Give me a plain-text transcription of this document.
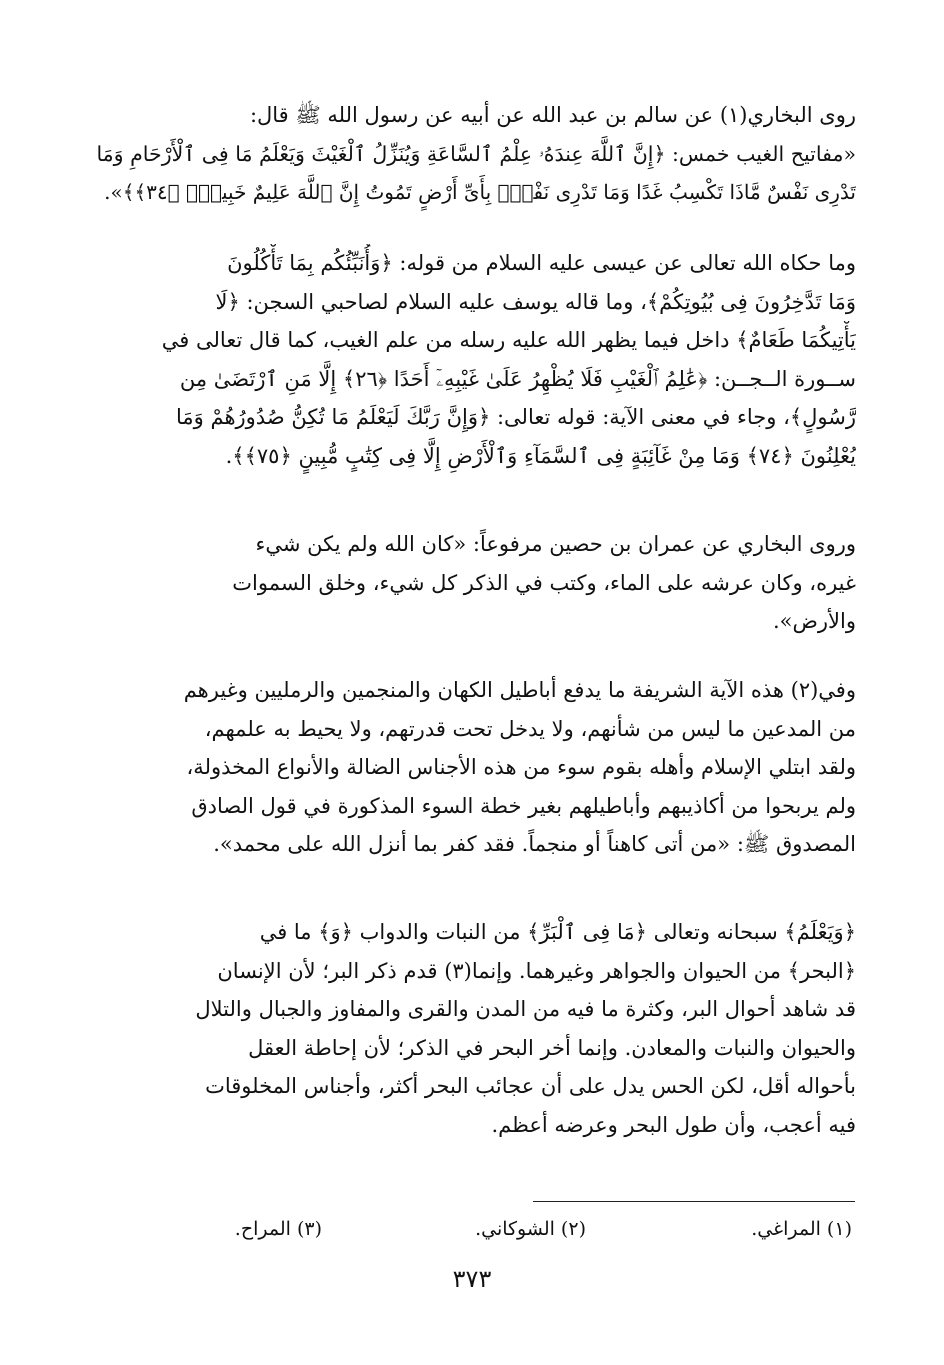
روى البخاري(١) عن سالم بن عبد الله عن أبيه عن رسول الله ﷺ قال:
«مفاتيح الغيب خمس: ﴿إِنَّ ٱللَّهَ عِندَهُۥ عِلْمُ ٱلسَّاعَةِ وَيُنَزِّلُ ٱلْغَيْثَ وَيَعْلَمُ مَا فِى ٱلْأَرْحَامِ وَمَا
تَدْرِى نَفْسٌ مَّاذَا تَكْسِبُ غَدًا وَمَا تَدْرِى نَفْسٌۢ بِأَىِّ أَرْضٍ تَمُوتُ إِنَّ ٱللَّهَ عَلِيمٌ خَبِيرٌۢ ﴿٣٤﴾﴾».
وما حكاه الله تعالى عن عيسى عليه السلام من قوله: ﴿وَأُنَبِّئُكُم بِمَا تَأْكُلُونَ
وَمَا تَدَّخِرُونَ فِى بُيُوتِكُمْ﴾، وما قاله يوسف عليه السلام لصاحبي السجن: ﴿لَا
يَأْتِيكُمَا طَعَامٌ﴾ داخل فيما يظهر الله عليه رسله من علم الغيب، كما قال تعالى في
ســورة الــجــن: ﴿عَٰلِمُ ٱلْغَيْبِ فَلَا يُظْهِرُ عَلَىٰ غَيْبِهِۦٓ أَحَدًا ﴿٢٦﴾ إِلَّا مَنِ ٱرْتَضَىٰ مِن
رَّسُولٍ﴾، وجاء في معنى الآية: قوله تعالى: ﴿وَإِنَّ رَبَّكَ لَيَعْلَمُ مَا تُكِنُّ صُدُورُهُمْ وَمَا
يُعْلِنُونَ ﴿٧٤﴾ وَمَا مِنْ غَآئِبَةٍ فِى ٱلسَّمَآءِ وَٱلْأَرْضِ إِلَّا فِى كِتَٰبٍ مُّبِينٍ ﴿٧٥﴾﴾.
وروى البخاري عن عمران بن حصين مرفوعاً: «كان الله ولم يكن شيء
غيره، وكان عرشه على الماء، وكتب في الذكر كل شيء، وخلق السموات
والأرض».
وفي(٢) هذه الآية الشريفة ما يدفع أباطيل الكهان والمنجمين والرمليين وغيرهم
من المدعين ما ليس من شأنهم، ولا يدخل تحت قدرتهم، ولا يحيط به علمهم،
ولقد ابتلي الإسلام وأهله بقوم سوء من هذه الأجناس الضالة والأنواع المخذولة،
ولم يربحوا من أكاذيبهم وأباطيلهم بغير خطة السوء المذكورة في قول الصادق
المصدوق ﷺ: «من أتى كاهناً أو منجماً. فقد كفر بما أنزل الله على محمد».
﴿وَيَعْلَمُ﴾ سبحانه وتعالى ﴿مَا فِى ٱلْبَرِّ﴾ من النبات والدواب ﴿وَ﴾ ما في
﴿البحر﴾ من الحيوان والجواهر وغيرهما. وإنما(٣) قدم ذكر البر؛ لأن الإنسان
قد شاهد أحوال البر، وكثرة ما فيه من المدن والقرى والمفاوز والجبال والتلال
والحيوان والنبات والمعادن. وإنما أخر البحر في الذكر؛ لأن إحاطة العقل
بأحواله أقل، لكن الحس يدل على أن عجائب البحر أكثر، وأجناس المخلوقات
فيه أعجب، وأن طول البحر وعرضه أعظم.
(١) المراغي.
(٢) الشوكاني.
(٣) المراح.
٣٧٣
